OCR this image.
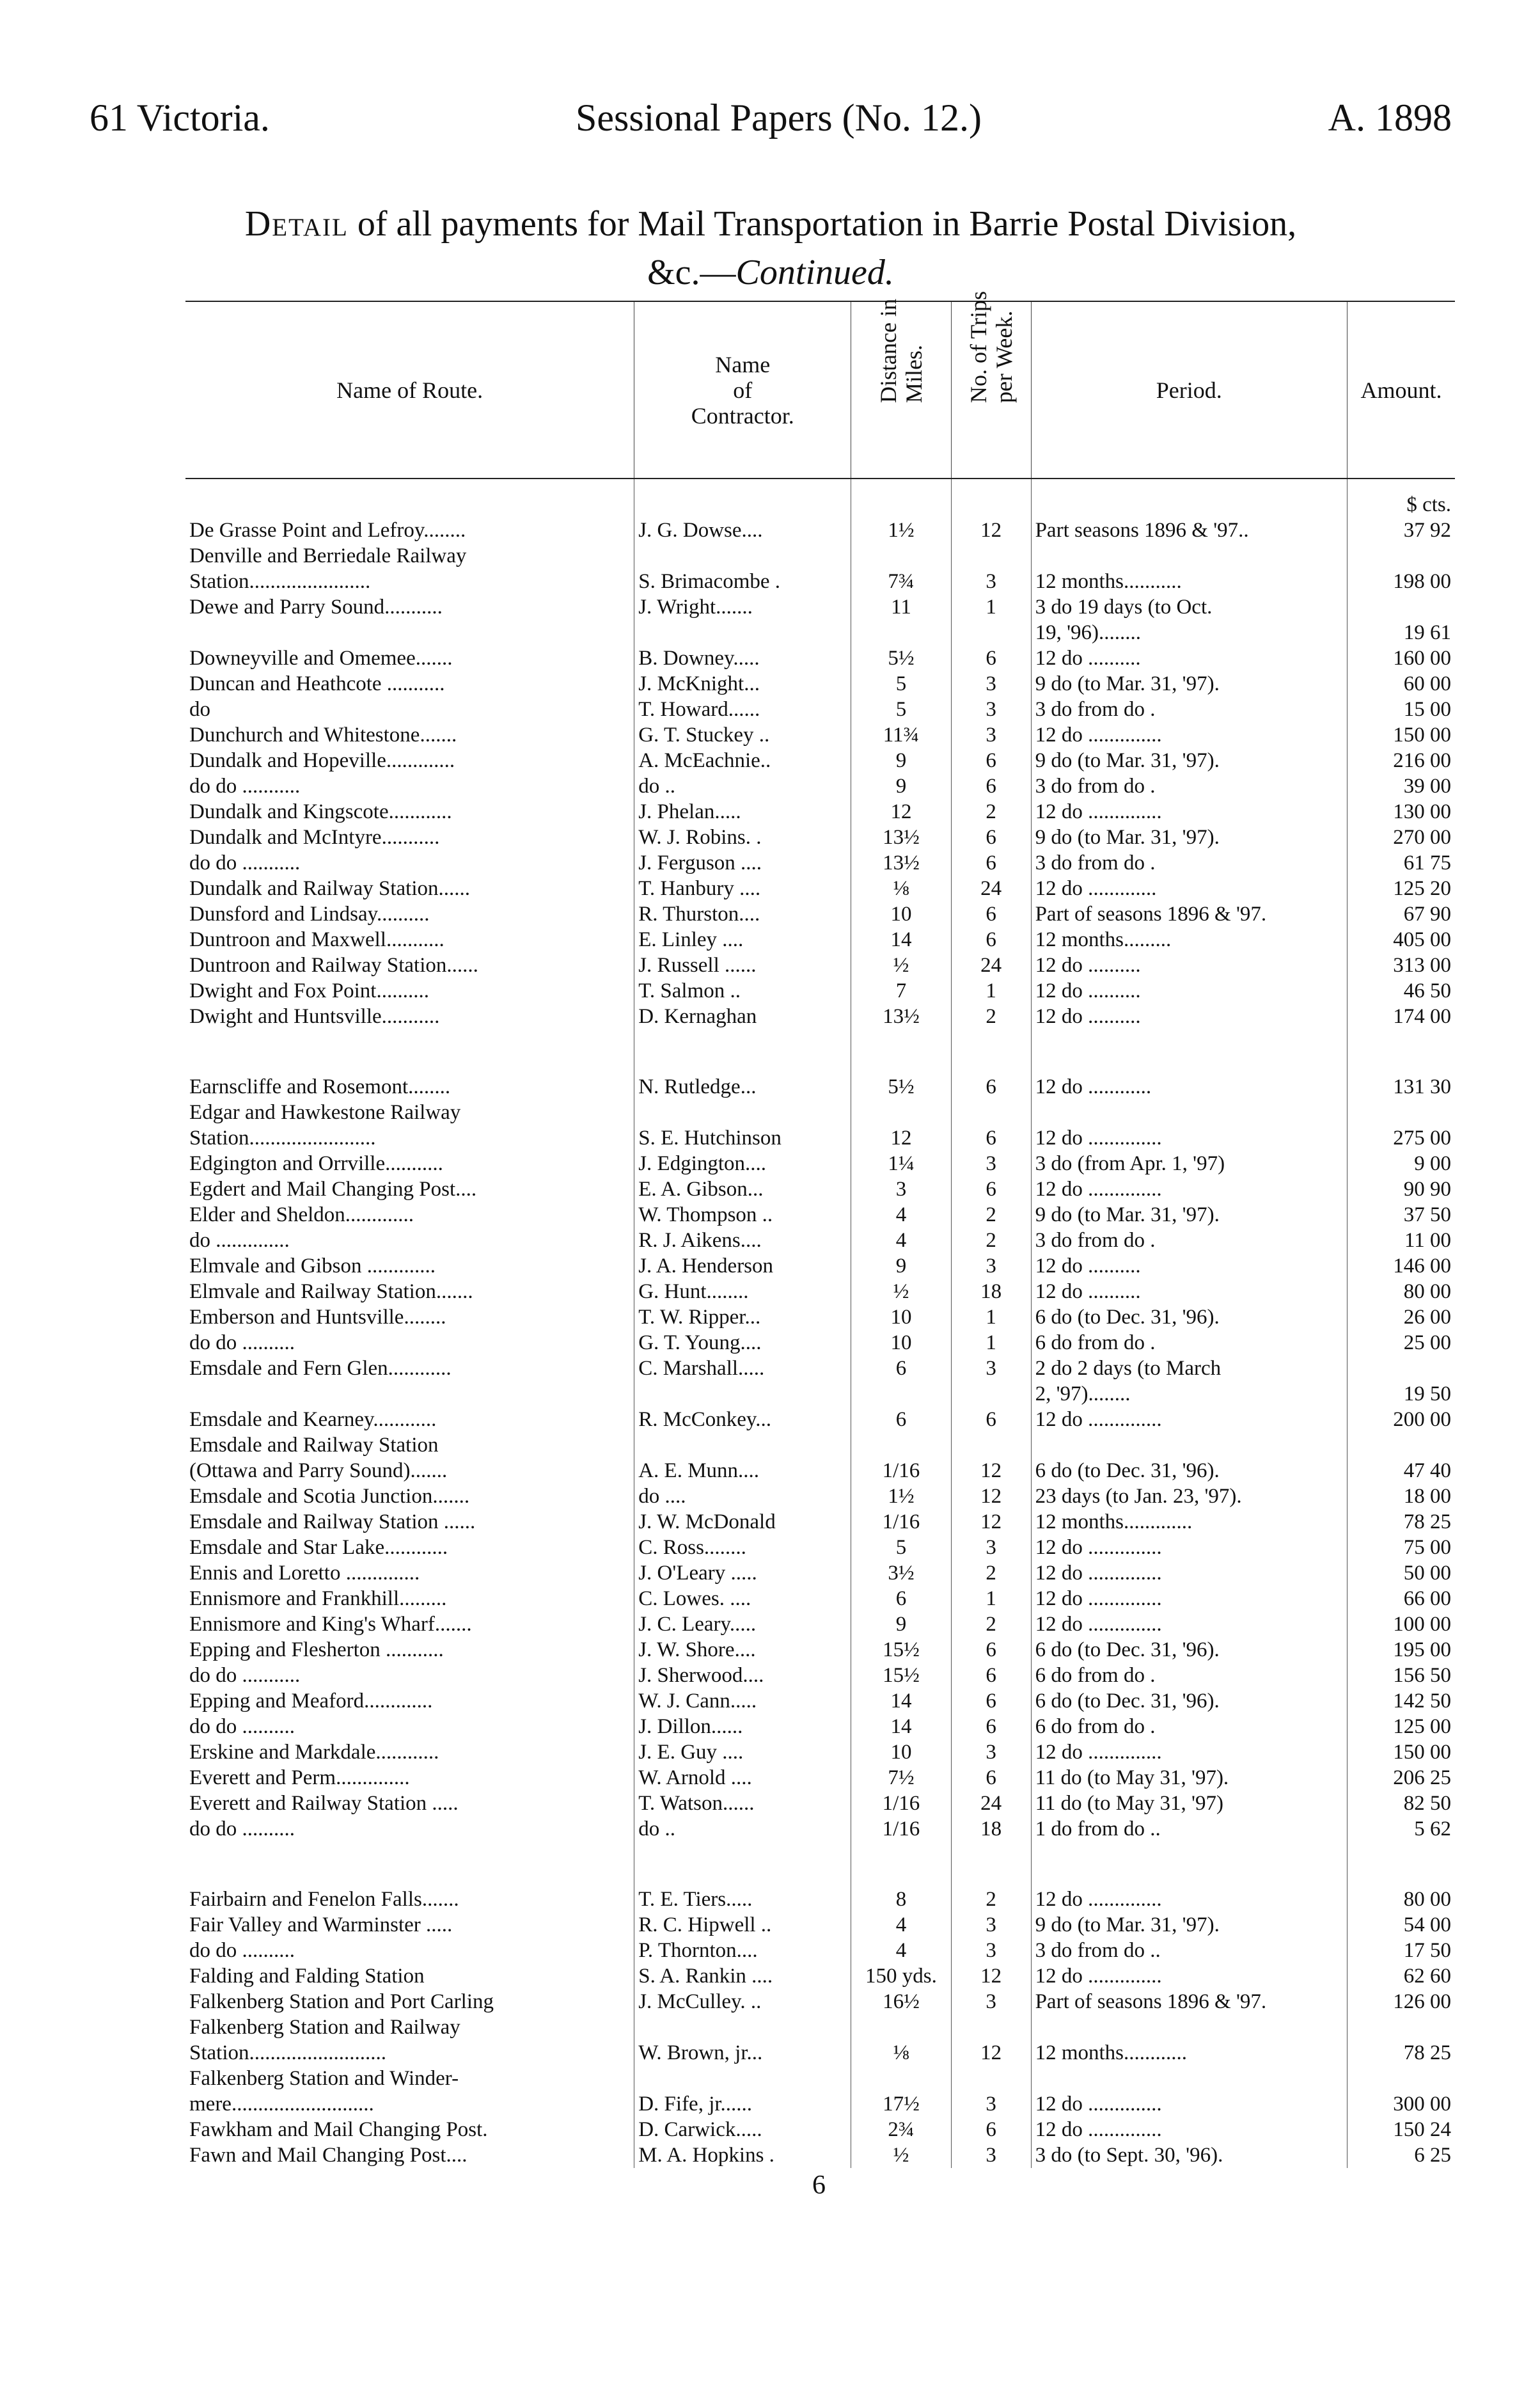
61 Victoria.	Sessional Papers (No. 12.)	A. 1898
Detail of all payments for Mail Transportation in Barrie Postal Division,
&c.—Continued.
Name of Route.	Name
of
Contractor.	Distance in Miles.	No. of Trips per Week.	Period.	Amount.
					$ cts.
De Grasse Point and Lefroy........	J. G. Dowse....	1½	12	Part seasons 1896 & '97..	37 92
Denville and Berriedale Railway					
Station.......................	S. Brimacombe .	7¾	3	12 months...........	198 00
Dewe and Parry Sound...........	J. Wright.......	11	1	3 do 19 days (to Oct.	
				19, '96)........	19 61
Downeyville and Omemee.......	B. Downey.....	5½	6	12 do ..........	160 00
Duncan and Heathcote ...........	J. McKnight...	5	3	9 do (to Mar. 31, '97).	60 00
do	T. Howard......	5	3	3 do from do .	15 00
Dunchurch and Whitestone.......	G. T. Stuckey ..	11¾	3	12 do ..............	150 00
Dundalk and Hopeville.............	A. McEachnie..	9	6	9 do (to Mar. 31, '97).	216 00
do do ...........	do ..	9	6	3 do from do .	39 00
Dundalk and Kingscote............	J. Phelan.....	12	2	12 do ..............	130 00
Dundalk and McIntyre...........	W. J. Robins. .	13½	6	9 do (to Mar. 31, '97).	270 00
do do ...........	J. Ferguson ....	13½	6	3 do from do .	61 75
Dundalk and Railway Station......	T. Hanbury ....	⅛	24	12 do .............	125 20
Dunsford and Lindsay..........	R. Thurston....	10	6	Part of seasons 1896 & '97.	67 90
Duntroon and Maxwell...........	E. Linley ....	14	6	12 months.........	405 00
Duntroon and Railway Station......	J. Russell ......	½	24	12 do ..........	313 00
Dwight and Fox Point..........	T. Salmon ..	7	1	12 do ..........	46 50
Dwight and Huntsville...........	D. Kernaghan	13½	2	12 do ..........	174 00

Earnscliffe and Rosemont........	N. Rutledge...	5½	6	12 do ............	131 30
Edgar and Hawkestone Railway					
Station........................	S. E. Hutchinson	12	6	12 do ..............	275 00
Edgington and Orrville...........	J. Edgington....	1¼	3	3 do (from Apr. 1, '97)	9 00
Egdert and Mail Changing Post....	E. A. Gibson...	3	6	12 do ..............	90 90
Elder and Sheldon.............	W. Thompson ..	4	2	9 do (to Mar. 31, '97).	37 50
do ..............	R. J. Aikens....	4	2	3 do from do .	11 00
Elmvale and Gibson .............	J. A. Henderson	9	3	12 do ..........	146 00
Elmvale and Railway Station.......	G. Hunt........	½	18	12 do ..........	80 00
Emberson and Huntsville........	T. W. Ripper...	10	1	6 do (to Dec. 31, '96).	26 00
do do ..........	G. T. Young....	10	1	6 do from do .	25 00
Emsdale and Fern Glen............	C. Marshall.....	6	3	2 do 2 days (to March	
				2, '97)........	19 50
Emsdale and Kearney............	R. McConkey...	6	6	12 do ..............	200 00
Emsdale and Railway Station					
(Ottawa and Parry Sound).......	A. E. Munn....	1/16	12	6 do (to Dec. 31, '96).	47 40
Emsdale and Scotia Junction.......	do ....	1½	12	23 days (to Jan. 23, '97).	18 00
Emsdale and Railway Station ......	J. W. McDonald	1/16	12	12 months.............	78 25
Emsdale and Star Lake............	C. Ross........	5	3	12 do ..............	75 00
Ennis and Loretto ..............	J. O'Leary .....	3½	2	12 do ..............	50 00
Ennismore and Frankhill.........	C. Lowes. ....	6	1	12 do ..............	66 00
Ennismore and King's Wharf.......	J. C. Leary.....	9	2	12 do ..............	100 00
Epping and Flesherton ...........	J. W. Shore....	15½	6	6 do (to Dec. 31, '96).	195 00
do do ...........	J. Sherwood....	15½	6	6 do from do .	156 50
Epping and Meaford.............	W. J. Cann.....	14	6	6 do (to Dec. 31, '96).	142 50
do do ..........	J. Dillon......	14	6	6 do from do .	125 00
Erskine and Markdale............	J. E. Guy ....	10	3	12 do ..............	150 00
Everett and Perm..............	W. Arnold ....	7½	6	11 do (to May 31, '97).	206 25
Everett and Railway Station .....	T. Watson......	1/16	24	11 do (to May 31, '97)	82 50
do do ..........	do ..	1/16	18	1 do from do ..	5 62

Fairbairn and Fenelon Falls.......	T. E. Tiers.....	8	2	12 do ..............	80 00
Fair Valley and Warminster .....	R. C. Hipwell ..	4	3	9 do (to Mar. 31, '97).	54 00
do do ..........	P. Thornton....	4	3	3 do from do ..	17 50
Falding and Falding Station	S. A. Rankin ....	150 yds.	12	12 do ..............	62 60
Falkenberg Station and Port Carling	J. McCulley. ..	16½	3	Part of seasons 1896 & '97.	126 00
Falkenberg Station and Railway					
Station..........................	W. Brown, jr...	⅛	12	12 months............	78 25
Falkenberg Station and Winder-					
mere...........................	D. Fife, jr......	17½	3	12 do ..............	300 00
Fawkham and Mail Changing Post.	D. Carwick.....	2¾	6	12 do ..............	150 24
Fawn and Mail Changing Post....	M. A. Hopkins .	½	3	3 do (to Sept. 30, '96).	6 25
6
